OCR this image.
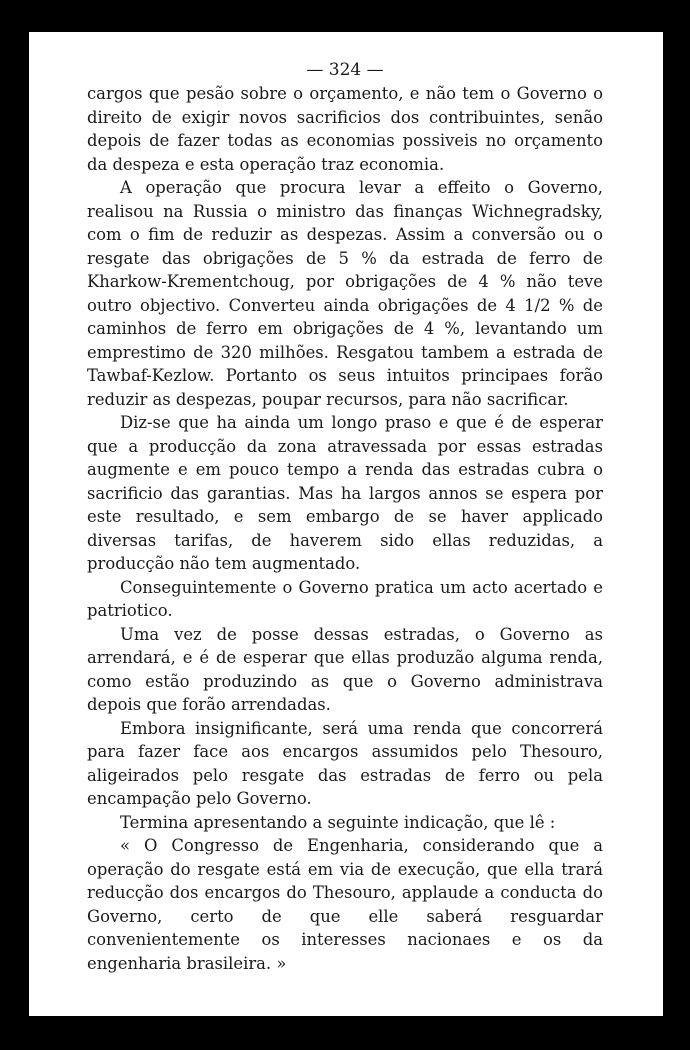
— 324 —

cargos que pesão sobre o orçamento, e não tem o Governo o direito de exigir novos sacrificios dos contribuintes, senão depois de fazer todas as economias possiveis no orçamento da despeza e esta operação traz economia.

A operação que procura levar a effeito o Governo, realisou na Russia o ministro das finanças Wichnegradsky, com o fim de reduzir as despezas. Assim a conversão ou o resgate das obrigações de 5 % da estrada de ferro de Kharkow-Krementchoug, por obrigações de 4 % não teve outro objectivo. Converteu ainda obrigações de 4 1/2 % de caminhos de ferro em obrigações de 4 %, levantando um emprestimo de 320 milhões. Resgatou tambem a estrada de Tawbaf-Kezlow. Portanto os seus intuitos principaes forão reduzir as despezas, poupar recursos, para não sacrificar.

Diz-se que ha ainda um longo praso e que é de esperar que a producção da zona atravessada por essas estradas augmente e em pouco tempo a renda das estradas cubra o sacrificio das garantias. Mas ha largos annos se espera por este resultado, e sem embargo de se haver applicado diversas tarifas, de haverem sido ellas reduzidas, a producção não tem augmentado.

Conseguintemente o Governo pratica um acto acertado e patriotico.

Uma vez de posse dessas estradas, o Governo as arrendará, e é de esperar que ellas produzão alguma renda, como estão produzindo as que o Governo administrava depois que forão arrendadas.

Embora insignificante, será uma renda que concorrerá para fazer face aos encargos assumidos pelo Thesouro, aligeirados pelo resgate das estradas de ferro ou pela encampação pelo Governo.

Termina apresentando a seguinte indicação, que lê :

« O Congresso de Engenharia, considerando que a operação do resgate está em via de execução, que ella trará reducção dos encargos do Thesouro, applaude a conducta do Governo, certo de que elle saberá resguardar convenientemente os interesses nacionaes e os da engenharia brasileira. »
